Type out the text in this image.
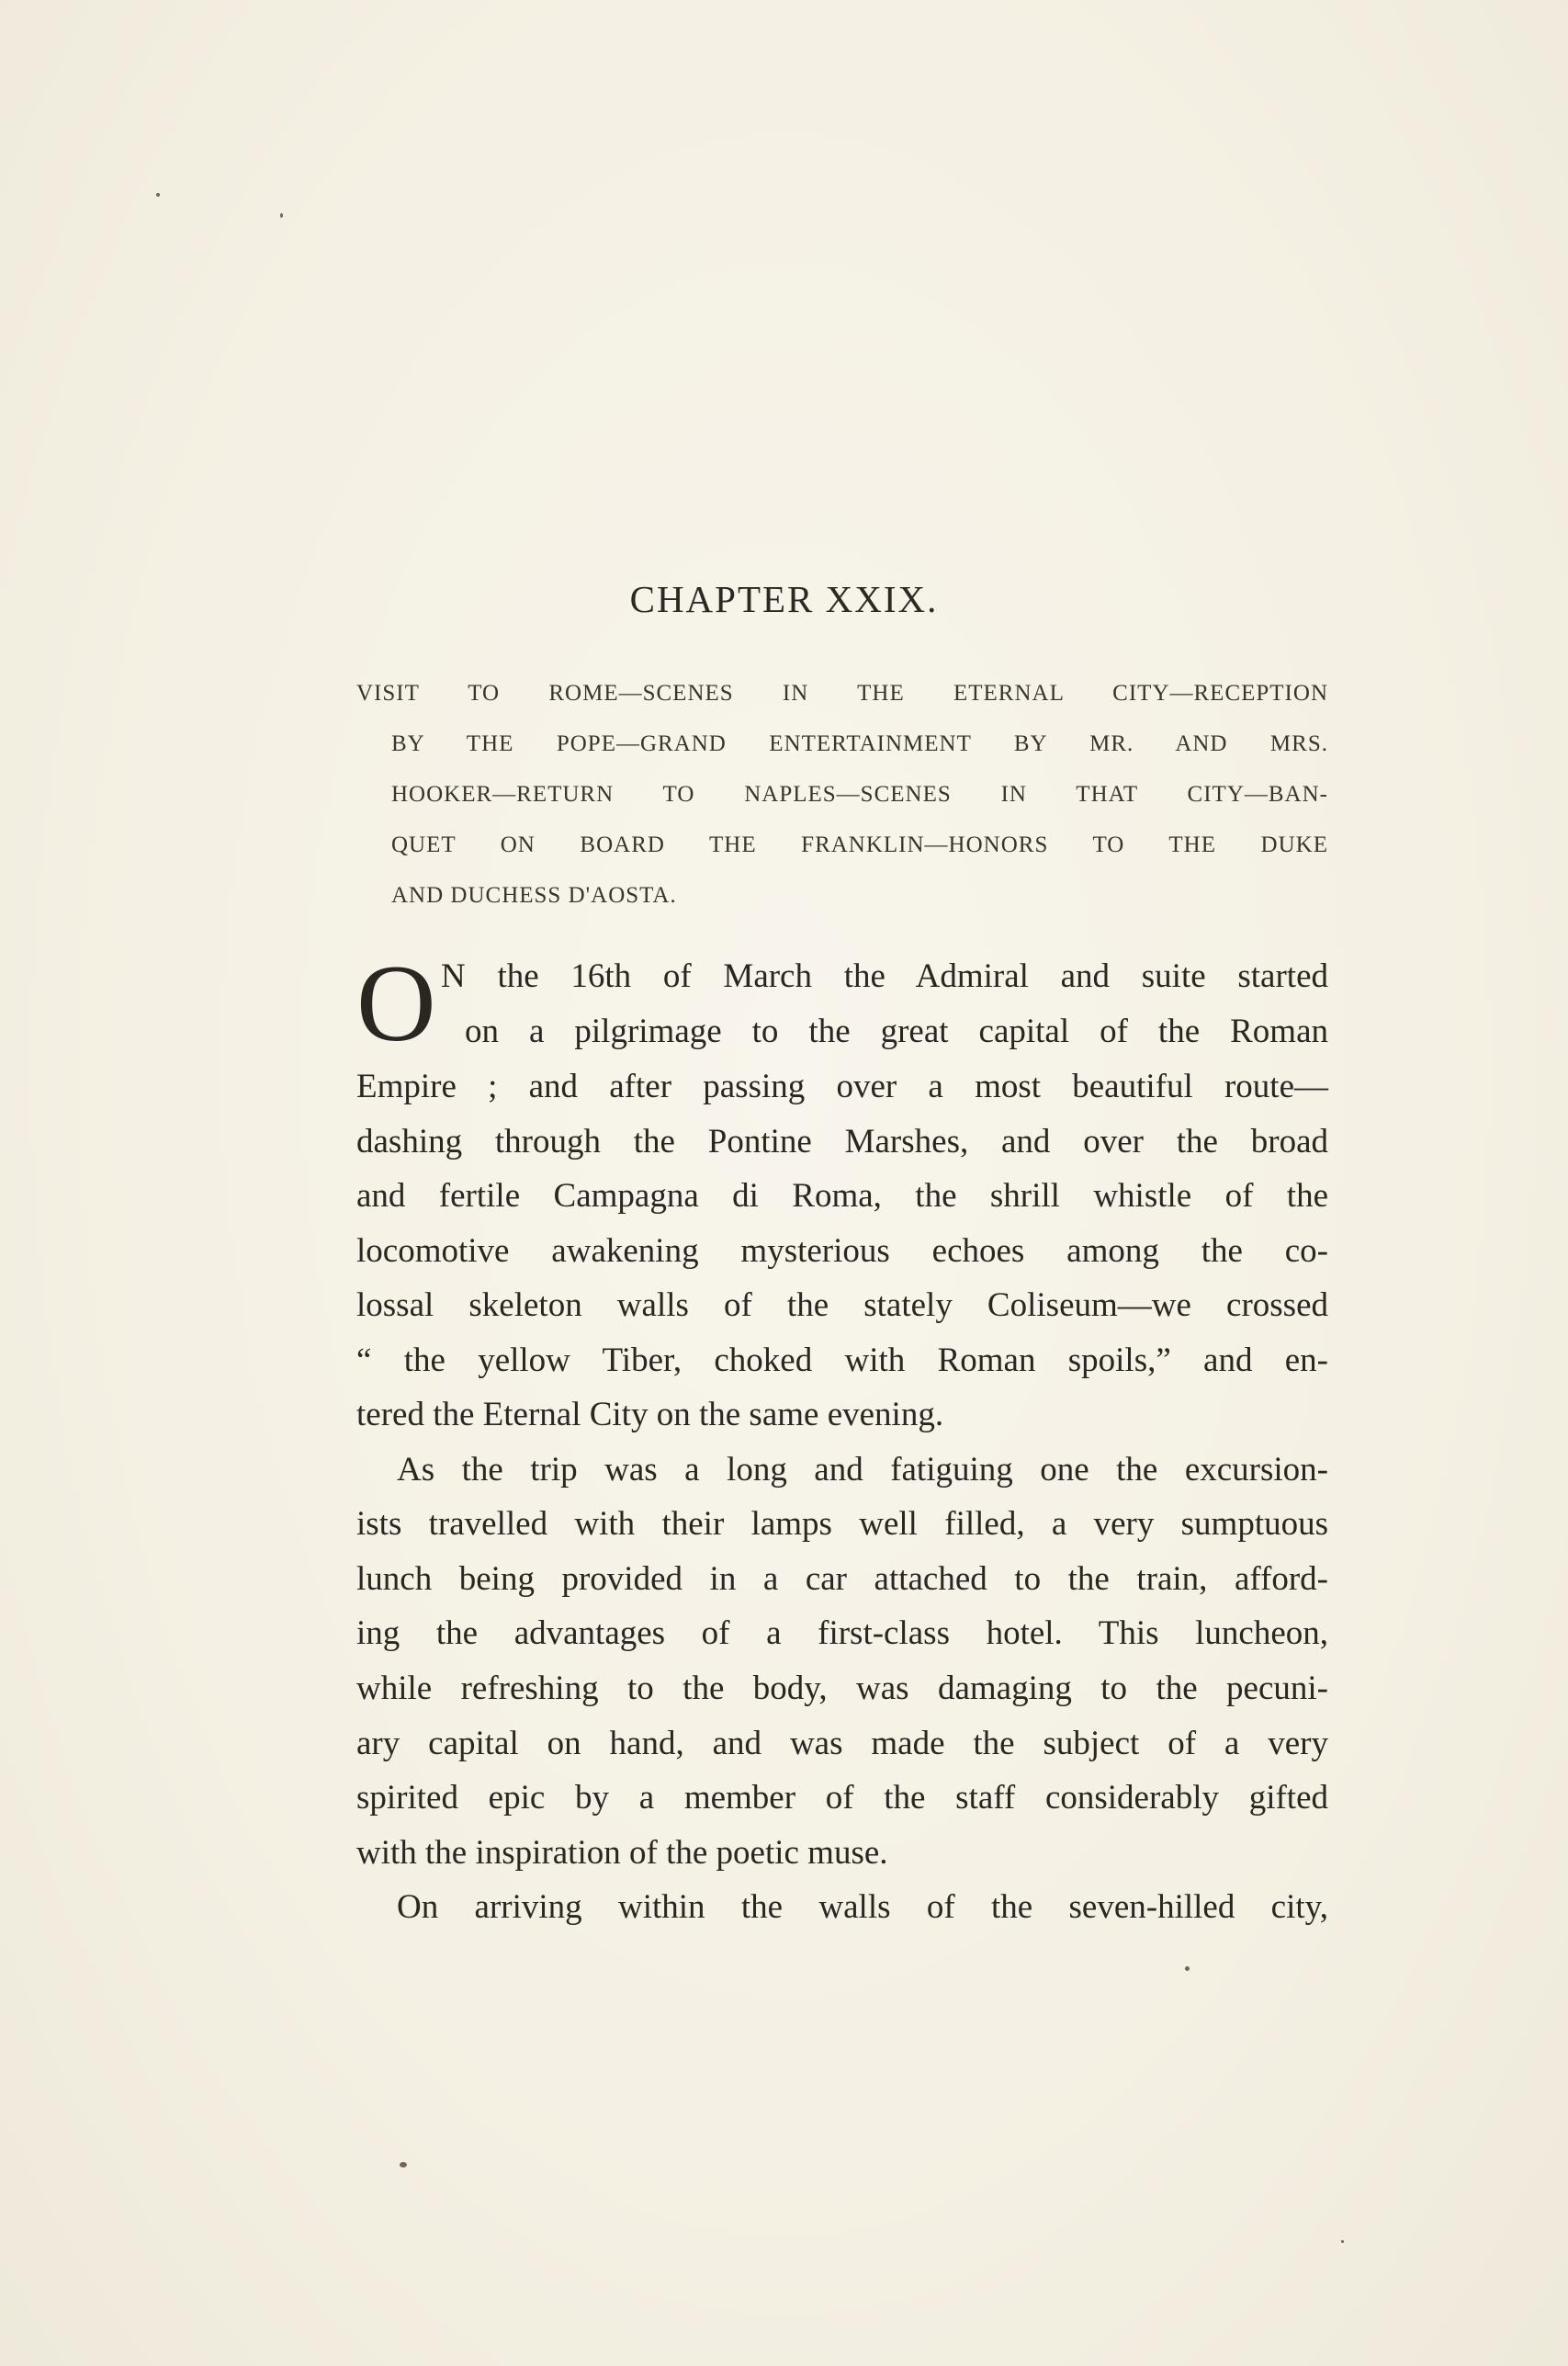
CHAPTER XXIX.
VISIT TO ROME—SCENES IN THE ETERNAL CITY—RECEPTION
BY THE POPE—GRAND ENTERTAINMENT BY MR. AND MRS.
HOOKER—RETURN TO NAPLES—SCENES IN THAT CITY—BAN-
QUET ON BOARD THE FRANKLIN—HONORS TO THE DUKE
AND DUCHESS D'AOSTA.
O N the 16th of March the Admiral and suite started
on a pilgrimage to the great capital of the Roman
Empire ; and after passing over a most beautiful route—
dashing through the Pontine Marshes, and over the broad
and fertile Campagna di Roma, the shrill whistle of the
locomotive awakening mysterious echoes among the co-
lossal skeleton walls of the stately Coliseum—we crossed
“ the yellow Tiber, choked with Roman spoils,” and en-
tered the Eternal City on the same evening.
As the trip was a long and fatiguing one the excursion-
ists travelled with their lamps well filled, a very sumptuous
lunch being provided in a car attached to the train, afford-
ing the advantages of a first-class hotel. This luncheon,
while refreshing to the body, was damaging to the pecuni-
ary capital on hand, and was made the subject of a very
spirited epic by a member of the staff considerably gifted
with the inspiration of the poetic muse.
On arriving within the walls of the seven-hilled city,
